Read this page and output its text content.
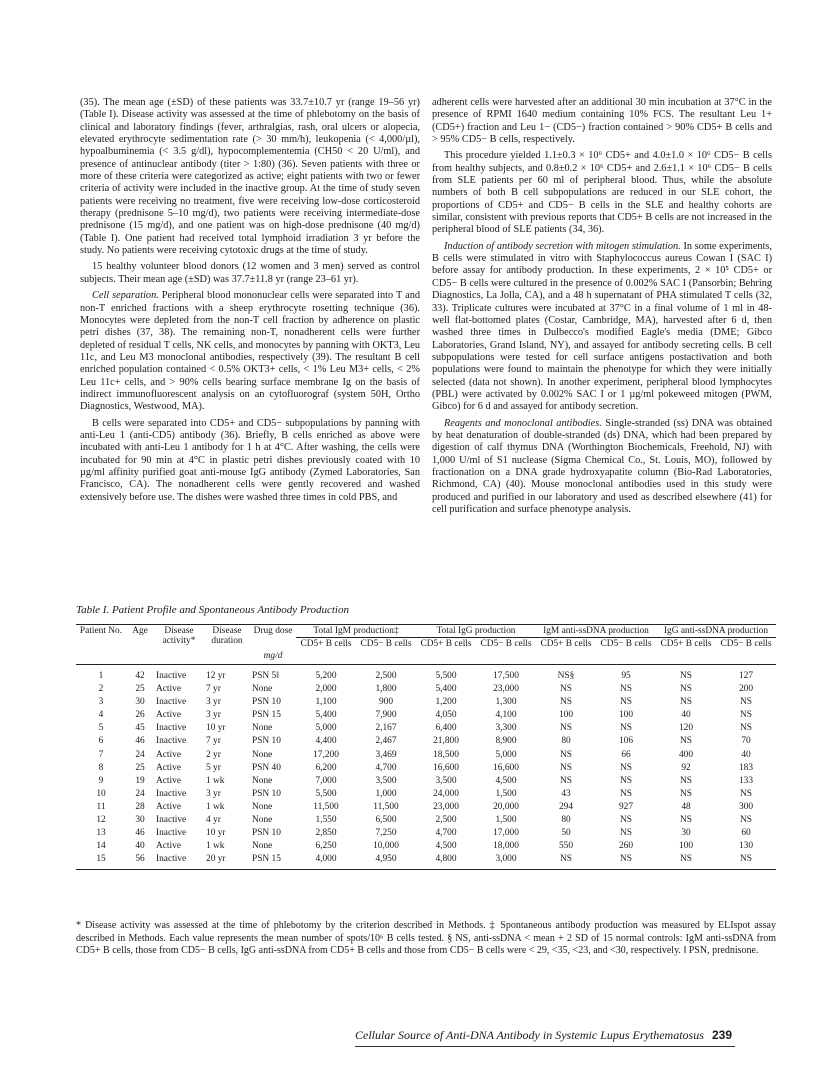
(35). The mean age (±SD) of these patients was 33.7±10.7 yr (range 19–56 yr) (Table I). Disease activity was assessed at the time of phlebotomy on the basis of clinical and laboratory findings (fever, arthralgias, rash, oral ulcers or alopecia, elevated erythrocyte sedimentation rate (> 30 mm/h), leukopenia (< 4,000/µl), hypoalbuminemia (< 3.5 g/dl), hypocomplementemia (CH50 < 20 U/ml), and presence of antinuclear antibody (titer > 1:80) (36). Seven patients with three or more of these criteria were categorized as active; eight patients with two or fewer criteria of activity were included in the inactive group. At the time of study seven patients were receiving no treatment, five were receiving low-dose corticosteroid therapy (prednisone 5–10 mg/d), two patients were receiving intermediate-dose prednisone (15 mg/d), and one patient was on high-dose prednisone (40 mg/d) (Table I). One patient had received total lymphoid irradiation 3 yr before the study. No patients were receiving cytotoxic drugs at the time of study.

15 healthy volunteer blood donors (12 women and 3 men) served as control subjects. Their mean age (±SD) was 37.7±11.8 yr (range 23–61 yr).

Cell separation. Peripheral blood mononuclear cells were separated into T and non-T enriched fractions with a sheep erythrocyte rosetting technique (36). Monocytes were depleted from the non-T cell fraction by adherence on plastic petri dishes (37, 38). The remaining non-T, nonadherent cells were further depleted of residual T cells, NK cells, and monocytes by panning with OKT3, Leu 11c, and Leu M3 monoclonal antibodies, respectively (39). The resultant B cell enriched population contained < 0.5% OKT3+ cells, < 1% Leu M3+ cells, < 2% Leu 11c+ cells, and > 90% cells bearing surface membrane Ig on the basis of indirect immunofluorescent analysis on an cytofluorograf (system 50H, Ortho Diagnostics, Westwood, MA).

B cells were separated into CD5+ and CD5− subpopulations by panning with anti-Leu 1 (anti-CD5) antibody (36). Briefly, B cells enriched as above were incubated with anti-Leu 1 antibody for 1 h at 4°C. After washing, the cells were incubated for 90 min at 4°C in plastic petri dishes previously coated with 10 µg/ml affinity purified goat anti-mouse IgG antibody (Zymed Laboratories, San Francisco, CA). The nonadherent cells were gently recovered and washed extensively before use. The dishes were washed three times in cold PBS, and

adherent cells were harvested after an additional 30 min incubation at 37°C in the presence of RPMI 1640 medium containing 10% FCS. The resultant Leu 1+ (CD5+) fraction and Leu 1− (CD5−) fraction contained > 90% CD5+ B cells and > 95% CD5− B cells, respectively.

This procedure yielded 1.1±0.3 × 10⁶ CD5+ and 4.0±1.0 × 10⁶ CD5− B cells from healthy subjects, and 0.8±0.2 × 10⁶ CD5+ and 2.6±1.1 × 10⁶ CD5− B cells from SLE patients per 60 ml of peripheral blood. Thus, while the absolute numbers of both B cell subpopulations are reduced in our SLE cohort, the proportions of CD5+ and CD5− B cells in the SLE and healthy cohorts are similar, consistent with previous reports that CD5+ B cells are not increased in the peripheral blood of SLE patients (34, 36).

Induction of antibody secretion with mitogen stimulation. In some experiments, B cells were stimulated in vitro with Staphylococcus aureus Cowan I (SAC I) before assay for antibody production. In these experiments, 2 × 10⁵ CD5+ or CD5− B cells were cultured in the presence of 0.002% SAC I (Pansorbin; Behring Diagnostics, La Jolla, CA), and a 48 h supernatant of PHA stimulated T cells (32, 33). Triplicate cultures were incubated at 37°C in a final volume of 1 ml in 48-well flat-bottomed plates (Costar, Cambridge, MA), harvested after 6 d, then washed three times in Dulbecco's modified Eagle's media (DME; Gibco Laboratories, Grand Island, NY), and assayed for antibody secreting cells. B cell subpopulations were tested for cell surface antigens postactivation and both populations were found to maintain the phenotype for which they were initially selected (data not shown). In another experiment, peripheral blood lymphocytes (PBL) were activated by 0.002% SAC I or 1 µg/ml pokeweed mitogen (PWM, Gibco) for 6 d and assayed for antibody secretion.

Reagents and monoclonal antibodies. Single-stranded (ss) DNA was obtained by heat denaturation of double-stranded (ds) DNA, which had been prepared by digestion of calf thymus DNA (Worthington Biochemicals, Freehold, NJ) with 1,000 U/ml of S1 nuclease (Sigma Chemical Co., St. Louis, MO), followed by fractionation on a DNA grade hydroxyapatite column (Bio-Rad Laboratories, Richmond, CA) (40). Mouse monoclonal antibodies used in this study were produced and purified in our laboratory and used as described elsewhere (41) for cell purification and surface phenotype analysis.

Table I. Patient Profile and Spontaneous Antibody Production
Patient No.	Age	Disease activity*	Disease duration	Drug dose	Total IgM production‡		Total IgG production		IgM anti-ssDNA production		IgG anti-ssDNA production	
					CD5+ B cells	CD5− B cells	CD5+ B cells	CD5− B cells	CD5+ B cells	CD5− B cells	CD5+ B cells	CD5− B cells
				mg/d								
1	42	Inactive	12 yr	PSN 5‖	5,200	2,500	5,500	17,500	NS§	95	NS	127
2	25	Active	7 yr	None	2,000	1,800	5,400	23,000	NS	NS	NS	200
3	30	Inactive	3 yr	PSN 10	1,100	900	1,200	1,300	NS	NS	NS	NS
4	26	Active	3 yr	PSN 15	5,400	7,900	4,050	4,100	100	100	40	NS
5	45	Inactive	10 yr	None	5,000	2,167	6,400	3,300	NS	NS	120	NS
6	46	Inactive	7 yr	PSN 10	4,400	2,467	21,800	8,900	80	106	NS	70
7	24	Active	2 yr	None	17,200	3,469	18,500	5,000	NS	66	400	40
8	25	Active	5 yr	PSN 40	6,200	4,700	16,600	16,600	NS	NS	92	183
9	19	Active	1 wk	None	7,000	3,500	3,500	4,500	NS	NS	NS	133
10	24	Inactive	3 yr	PSN 10	5,500	1,000	24,000	1,500	43	NS	NS	NS
11	28	Active	1 wk	None	11,500	11,500	23,000	20,000	294	927	48	300
12	30	Inactive	4 yr	None	1,550	6,500	2,500	1,500	80	NS	NS	NS
13	46	Inactive	10 yr	PSN 10	2,850	7,250	4,700	17,000	50	NS	30	60
14	40	Active	1 wk	None	6,250	10,000	4,500	18,000	550	260	100	130
15	56	Inactive	20 yr	PSN 15	4,000	4,950	4,800	3,000	NS	NS	NS	NS
* Disease activity was assessed at the time of phlebotomy by the criterion described in Methods. ‡ Spontaneous antibody production was measured by ELIspot assay described in Methods. Each value represents the mean number of spots/10⁶ B cells tested. § NS, anti-ssDNA < mean + 2 SD of 15 normal controls: IgM anti-ssDNA from CD5+ B cells, those from CD5− B cells, IgG anti-ssDNA from CD5+ B cells and those from CD5− B cells were < 29, <35, <23, and <30, respectively. ‖ PSN, prednisone.
Cellular Source of Anti-DNA Antibody in Systemic Lupus Erythematosus 239
